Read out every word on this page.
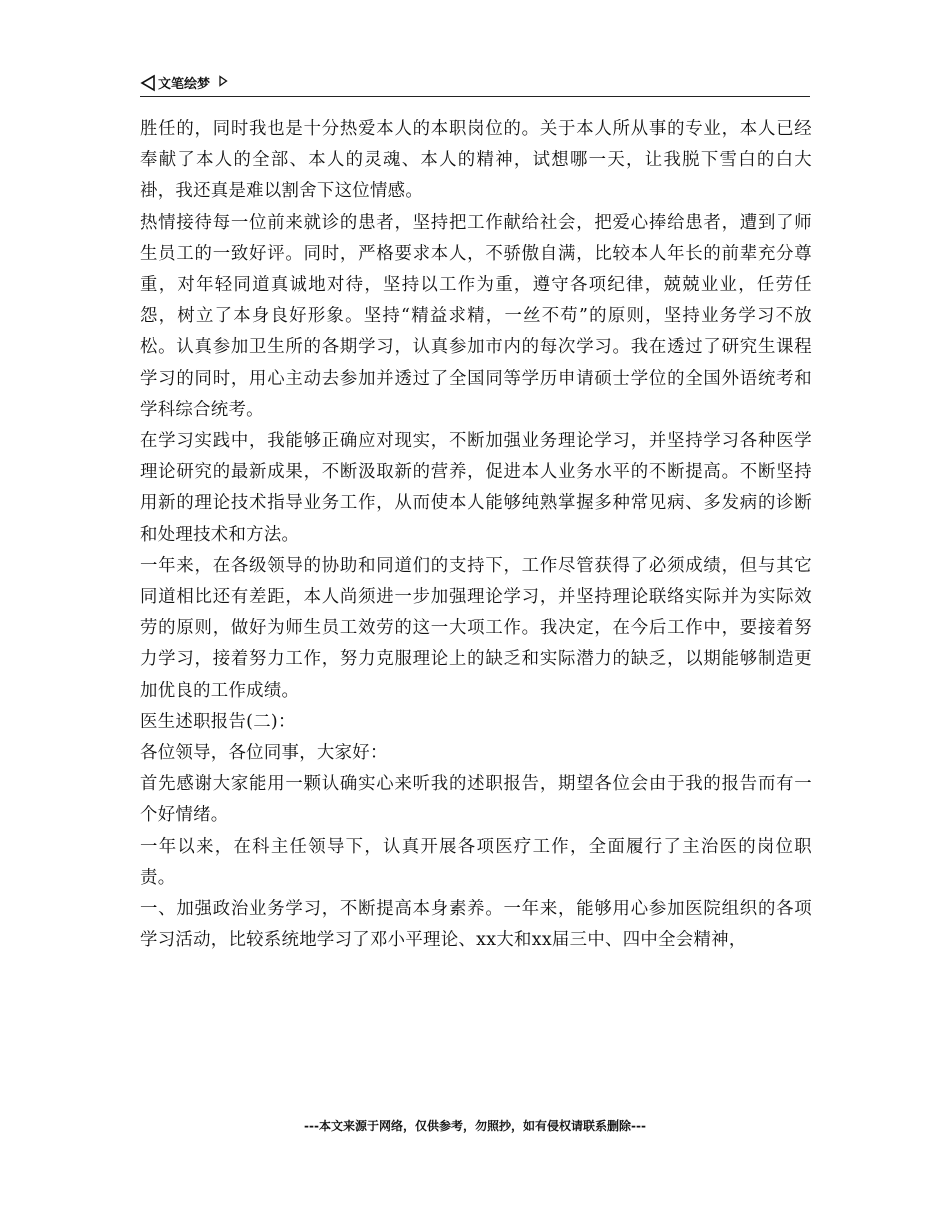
文笔绘梦

胜任的，同时我也是十分热爱本人的本职岗位的。关于本人所从事的专业，本人已经奉献了本人的全部、本人的灵魂、本人的精神，试想哪一天，让我脱下雪白的白大褂，我还真是难以割舍下这位情感。

热情接待每一位前来就诊的患者，坚持把工作献给社会，把爱心捧给患者，遭到了师生员工的一致好评。同时，严格要求本人，不骄傲自满，比较本人年长的前辈充分尊重，对年轻同道真诚地对待，坚持以工作为重，遵守各项纪律，兢兢业业，任劳任怨，树立了本身良好形象。坚持“精益求精，一丝不苟”的原则，坚持业务学习不放松。认真参加卫生所的各期学习，认真参加市内的每次学习。我在透过了研究生课程学习的同时，用心主动去参加并透过了全国同等学历申请硕士学位的全国外语统考和学科综合统考。

在学习实践中，我能够正确应对现实，不断加强业务理论学习，并坚持学习各种医学理论研究的最新成果，不断汲取新的营养，促进本人业务水平的不断提高。不断坚持用新的理论技术指导业务工作，从而使本人能够纯熟掌握多种常见病、多发病的诊断和处理技术和方法。

一年来，在各级领导的协助和同道们的支持下，工作尽管获得了必须成绩，但与其它同道相比还有差距，本人尚须进一步加强理论学习，并坚持理论联络实际并为实际效劳的原则，做好为师生员工效劳的这一大项工作。我决定，在今后工作中，要接着努力学习，接着努力工作，努力克服理论上的缺乏和实际潜力的缺乏，以期能够制造更加优良的工作成绩。

医生述职报告(二)：

各位领导，各位同事，大家好：

首先感谢大家能用一颗认确实心来听我的述职报告，期望各位会由于我的报告而有一个好情绪。

一年以来，在科主任领导下，认真开展各项医疗工作，全面履行了主治医的岗位职责。

一、加强政治业务学习，不断提高本身素养。一年来，能够用心参加医院组织的各项学习活动，比较系统地学习了邓小平理论、xx大和xx届三中、四中全会精神，

---本文来源于网络，仅供参考，勿照抄，如有侵权请联系删除---
